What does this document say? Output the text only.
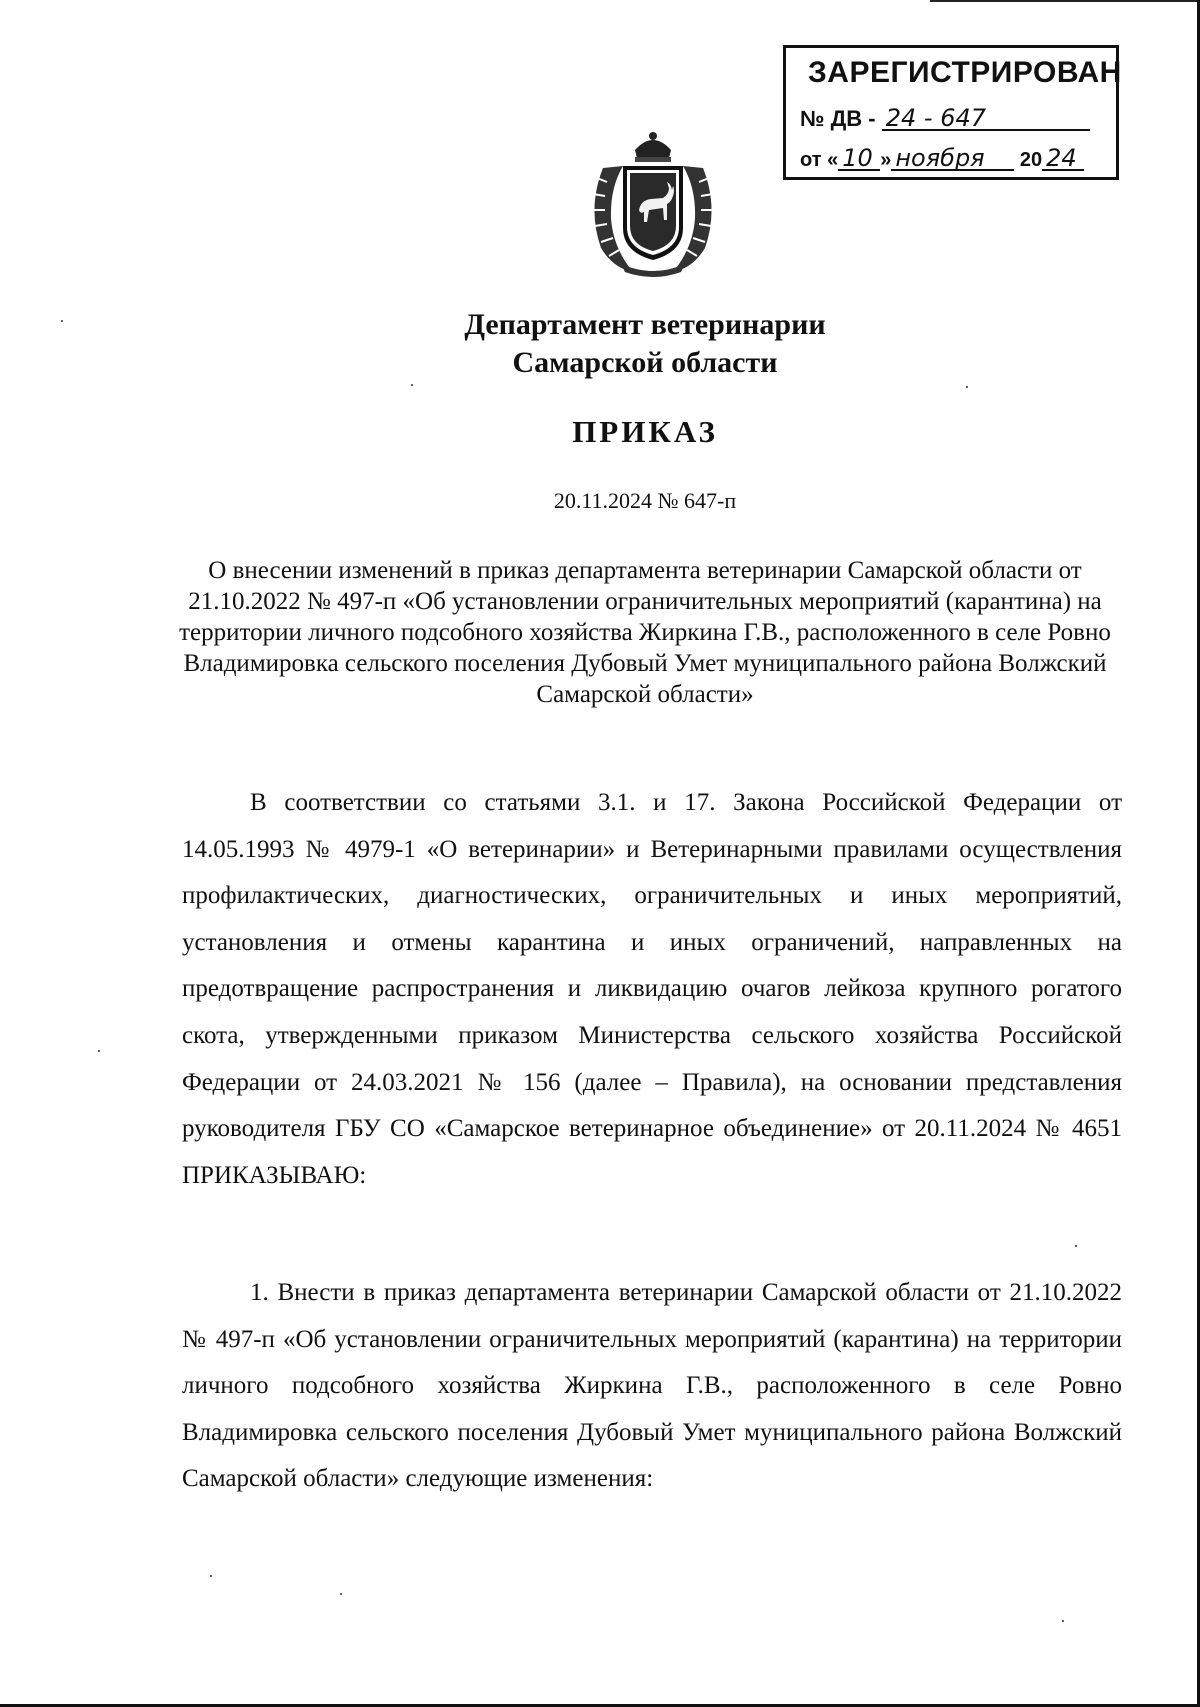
ЗАРЕГИСТРИРОВАН
№ ДВ - 24 - 647
от « 10 » ноября 20 24
Департамент ветеринарии
Самарской области
ПРИКАЗ
20.11.2024 № 647-п
О внесении изменений в приказ департамента ветеринарии Самарской области от 21.10.2022 № 497-п «Об установлении ограничительных мероприятий (карантина) на территории личного подсобного хозяйства Жиркина Г.В., расположенного в селе Ровно Владимировка сельского поселения Дубовый Умет муниципального района Волжский Самарской области»
В соответствии со статьями 3.1. и 17. Закона Российской Федерации от 14.05.1993 № 4979-1 «О ветеринарии» и Ветеринарными правилами осуществления профилактических, диагностических, ограничительных и иных мероприятий, установления и отмены карантина и иных ограничений, направленных на предотвращение распространения и ликвидацию очагов лейкоза крупного рогатого скота, утвержденными приказом Министерства сельского хозяйства Российской Федерации от 24.03.2021 № 156 (далее – Правила), на основании представления руководителя ГБУ СО «Самарское ветеринарное объединение» от 20.11.2024 № 4651 ПРИКАЗЫВАЮ:
1. Внести в приказ департамента ветеринарии Самарской области от 21.10.2022 № 497-п «Об установлении ограничительных мероприятий (карантина) на территории личного подсобного хозяйства Жиркина Г.В., расположенного в селе Ровно Владимировка сельского поселения Дубовый Умет муниципального района Волжский Самарской области» следующие изменения:
